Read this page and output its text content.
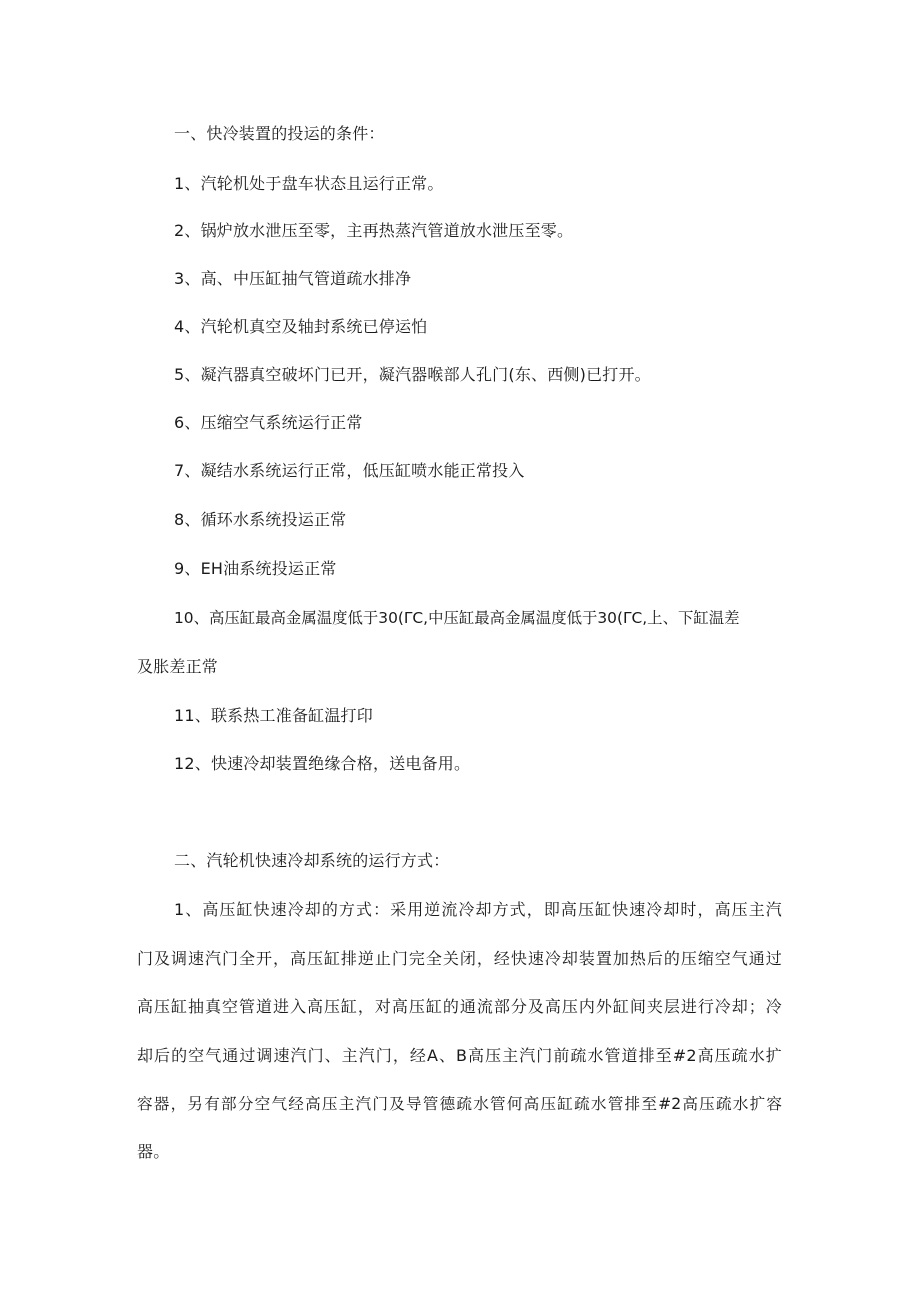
一、快冷装置的投运的条件：
1、汽轮机处于盘车状态且运行正常。
2、锅炉放水泄压至零，主再热蒸汽管道放水泄压至零。
3、高、中压缸抽气管道疏水排净
4、汽轮机真空及轴封系统已停运怕
5、凝汽器真空破坏门已开，凝汽器喉部人孔门(东、西侧)已打开。
6、压缩空气系统运行正常
7、凝结水系统运行正常，低压缸喷水能正常投入
8、循环水系统投运正常
9、EH油系统投运正常
10、高压缸最高金属温度低于30(ΓC,中压缸最高金属温度低于30(ΓC,上、下缸温差
及胀差正常
11、联系热工准备缸温打印
12、快速冷却装置绝缘合格，送电备用。
二、汽轮机快速冷却系统的运行方式：
1、高压缸快速冷却的方式：采用逆流冷却方式，即高压缸快速冷却时，高压主汽
门及调速汽门全开，高压缸排逆止门完全关闭，经快速冷却装置加热后的压缩空气通过
高压缸抽真空管道进入高压缸，对高压缸的通流部分及高压内外缸间夹层进行冷却；冷
却后的空气通过调速汽门、主汽门，经A、B高压主汽门前疏水管道排至#2高压疏水扩
容器，另有部分空气经高压主汽门及导管德疏水管何高压缸疏水管排至#2高压疏水扩容
器。
